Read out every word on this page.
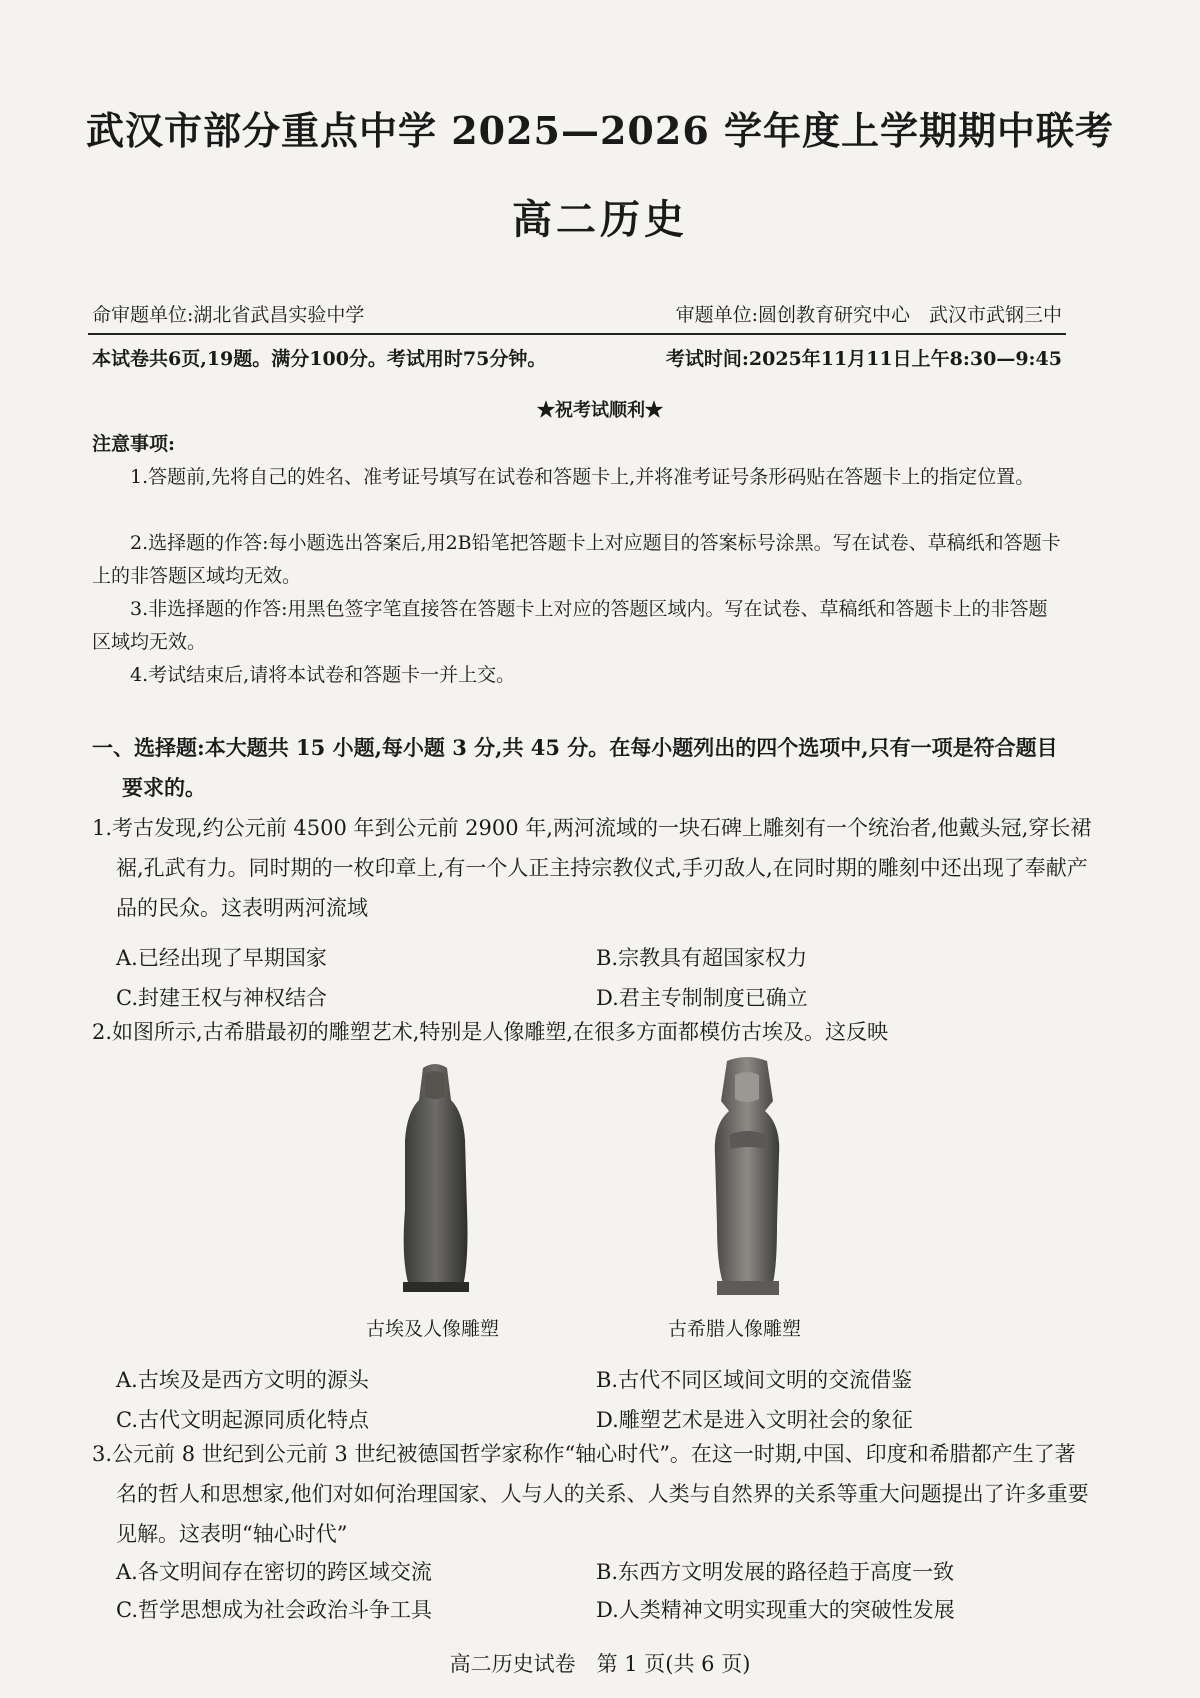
武汉市部分重点中学 2025—2026 学年度上学期期中联考
高二历史
命审题单位:湖北省武昌实验中学	审题单位:圆创教育研究中心　武汉市武钢三中
本试卷共6页,19题。满分100分。考试用时75分钟。	考试时间:2025年11月11日上午8:30—9:45
★祝考试顺利★
注意事项:
1.答题前,先将自己的姓名、准考证号填写在试卷和答题卡上,并将准考证号条形码贴在答题卡上的指定位置。
2.选择题的作答:每小题选出答案后,用2B铅笔把答题卡上对应题目的答案标号涂黑。写在试卷、草稿纸和答题卡上的非答题区域均无效。
3.非选择题的作答:用黑色签字笔直接答在答题卡上对应的答题区域内。写在试卷、草稿纸和答题卡上的非答题区域均无效。
4.考试结束后,请将本试卷和答题卡一并上交。
一、选择题:本大题共 15 小题,每小题 3 分,共 45 分。在每小题列出的四个选项中,只有一项是符合题目要求的。
1.考古发现,约公元前 4500 年到公元前 2900 年,两河流域的一块石碑上雕刻有一个统治者,他戴头冠,穿长裙裾,孔武有力。同时期的一枚印章上,有一个人正主持宗教仪式,手刃敌人,在同时期的雕刻中还出现了奉献产品的民众。这表明两河流域
A.已经出现了早期国家	B.宗教具有超国家权力
C.封建王权与神权结合	D.君主专制制度已确立
2.如图所示,古希腊最初的雕塑艺术,特别是人像雕塑,在很多方面都模仿古埃及。这反映
古埃及人像雕塑	古希腊人像雕塑
A.古埃及是西方文明的源头	B.古代不同区域间文明的交流借鉴
C.古代文明起源同质化特点	D.雕塑艺术是进入文明社会的象征
3.公元前 8 世纪到公元前 3 世纪被德国哲学家称作“轴心时代”。在这一时期,中国、印度和希腊都产生了著名的哲人和思想家,他们对如何治理国家、人与人的关系、人类与自然界的关系等重大问题提出了许多重要见解。这表明“轴心时代”
A.各文明间存在密切的跨区域交流	B.东西方文明发展的路径趋于高度一致
C.哲学思想成为社会政治斗争工具	D.人类精神文明实现重大的突破性发展
高二历史试卷　第 1 页(共 6 页)
